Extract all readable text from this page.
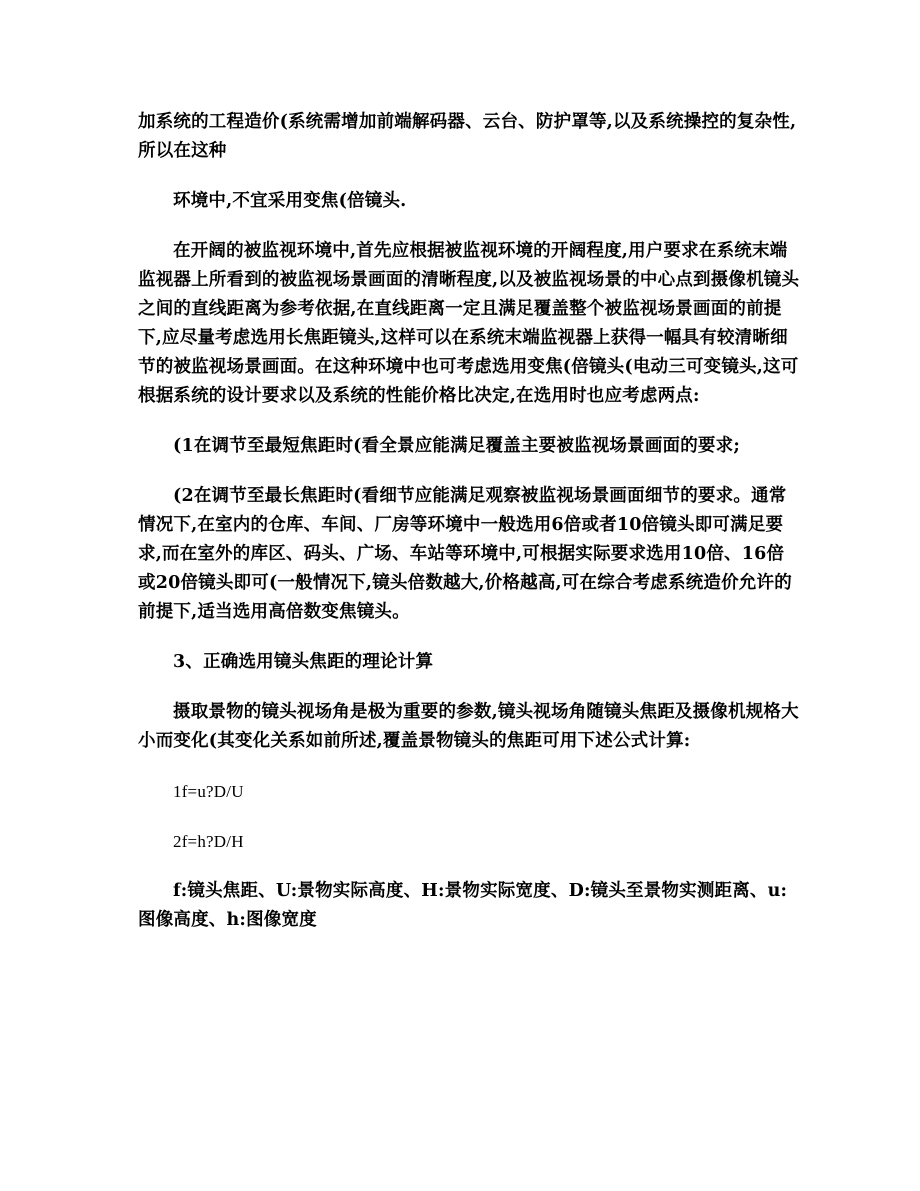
加系统的工程造价(系统需增加前端解码器、云台、防护罩等,以及系统操控的复杂性,所以在这种

环境中,不宜采用变焦(倍镜头.

在开阔的被监视环境中,首先应根据被监视环境的开阔程度,用户要求在系统末端监视器上所看到的被监视场景画面的清晰程度,以及被监视场景的中心点到摄像机镜头之间的直线距离为参考依据,在直线距离一定且满足覆盖整个被监视场景画面的前提下,应尽量考虑选用长焦距镜头,这样可以在系统末端监视器上获得一幅具有较清晰细节的被监视场景画面。在这种环境中也可考虑选用变焦(倍镜头(电动三可变镜头,这可根据系统的设计要求以及系统的性能价格比决定,在选用时也应考虑两点:

(1在调节至最短焦距时(看全景应能满足覆盖主要被监视场景画面的要求;

(2在调节至最长焦距时(看细节应能满足观察被监视场景画面细节的要求。通常情况下,在室内的仓库、车间、厂房等环境中一般选用6倍或者10倍镜头即可满足要求,而在室外的库区、码头、广场、车站等环境中,可根据实际要求选用10倍、16倍或20倍镜头即可(一般情况下,镜头倍数越大,价格越高,可在综合考虑系统造价允许的前提下,适当选用高倍数变焦镜头。

3、正确选用镜头焦距的理论计算

摄取景物的镜头视场角是极为重要的参数,镜头视场角随镜头焦距及摄像机规格大小而变化(其变化关系如前所述,覆盖景物镜头的焦距可用下述公式计算:

1f=u?D/U

2f=h?D/H

f:镜头焦距、U:景物实际高度、H:景物实际宽度、D:镜头至景物实测距离、u:图像高度、h:图像宽度
